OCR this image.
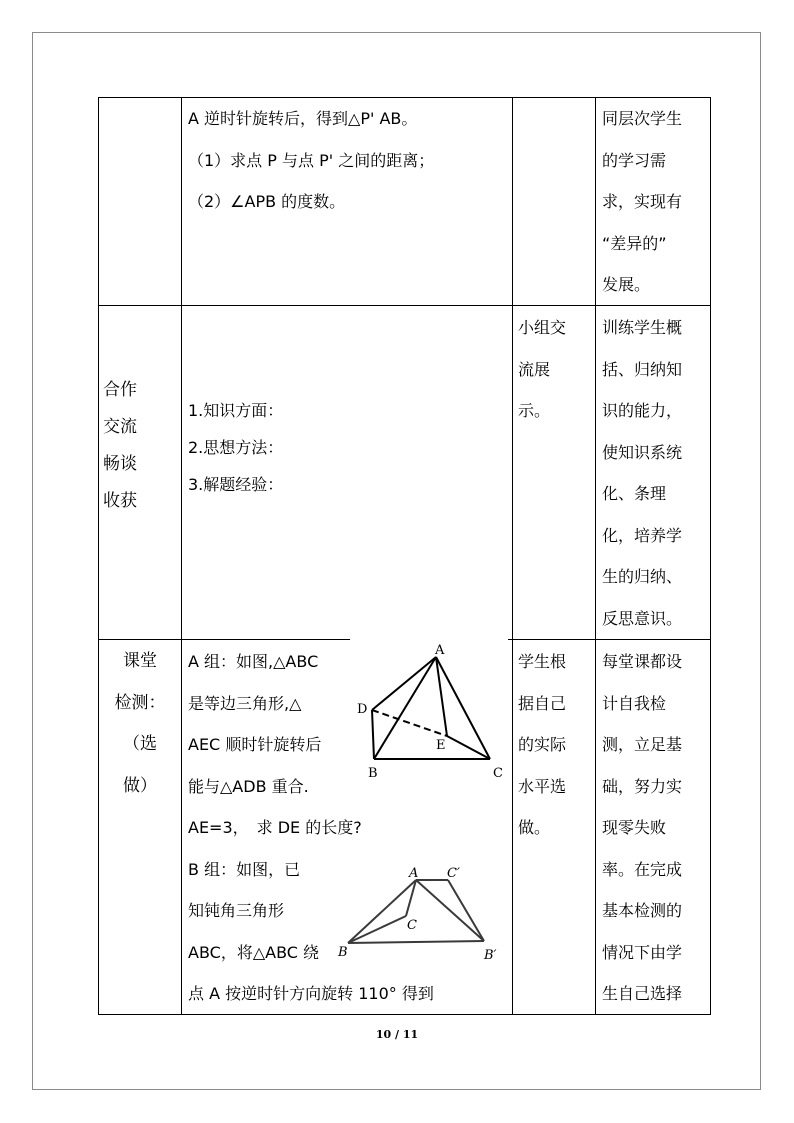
A 逆时针旋转后，得到△P' AB。
（1）求点 P 与点 P' 之间的距离；
（2）∠APB 的度数。
同层次学生
的学习需
求，实现有
“差异的”
发展。
合作
交流
畅谈
收获
1.知识方面：
2.思想方法：
3.解题经验：
小组交
流展
示。
训练学生概
括、归纳知
识的能力，
使知识系统
化、条理
化，培养学
生的归纳、
反思意识。
课堂
检测：
（选
做）
A 组：如图,△ABC
是等边三角形,△
AEC 顺时针旋转后
能与△ADB 重合.
AE=3，　求 DE 的长度?
B 组：如图，已
知钝角三角形
ABC，将△ABC 绕
点 A 按逆时针方向旋转 110° 得到
学生根
据自己
的实际
水平选
做。
每堂课都设
计自我检
测，立足基
础，努力实
现零失败
率。在完成
基本检测的
情况下由学
生自己选择
A
D
E
B	C
A C′
C
B	B′
10 / 11
